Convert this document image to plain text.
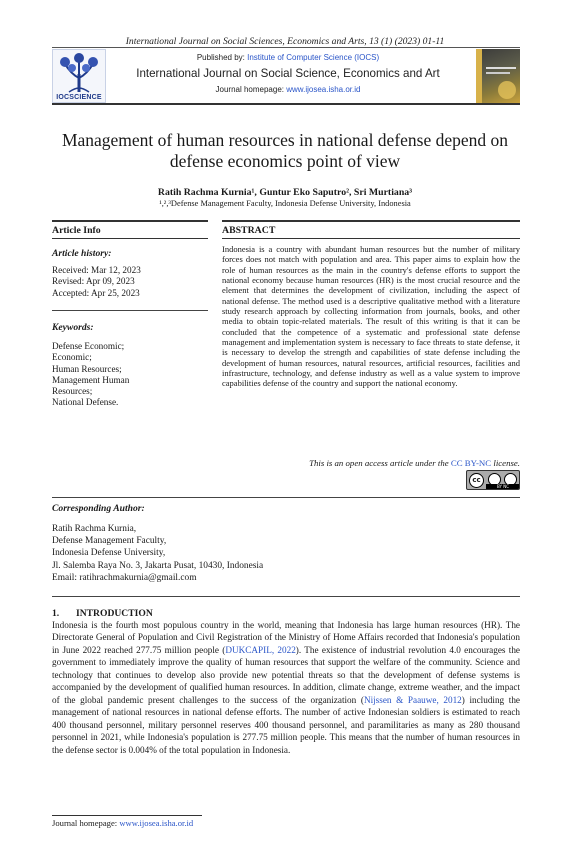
International Journal on Social Sciences, Economics and Arts, 13 (1) (2023) 01-11
IOCSCIENCE
Published by: Institute of Computer Science (IOCS)
International Journal on Social Science, Economics and Art
Journal homepage: www.ijosea.isha.or.id
Management of human resources in national defense depend on defense economics point of view
Ratih Rachma Kurnia¹, Guntur Eko Saputro², Sri Murtiana³
¹,²,³Defense Management Faculty, Indonesia Defense University, Indonesia
Article Info
Article history:
Received: Mar 12, 2023
Revised: Apr 09, 2023
Accepted: Apr 25, 2023
Keywords:
Defense Economic;
Economic;
Human Resources;
Management Human
Resources;
National Defense.
ABSTRACT
Indonesia is a country with abundant human resources but the number of military forces does not match with population and area. This paper aims to explain how the role of human resources as the main in the country's defense efforts to support the national economy because human resources (HR) is the most crucial resource and the element that determines the development of civilization, including the aspect of national defense. The method used is a descriptive qualitative method with a literature study research approach by collecting information from journals, books, and other media to obtain topic-related materials. The result of this writing is that it can be concluded that the competence of a systematic and professional state defense management and implementation system is necessary to face threats to state defense, it is necessary to develop the strength and capabilities of state defense including the development of human resources, natural resources, artificial resources, facilities and infrastructure, technology, and defense industry as well as a value system to improve capabilities defense of the country and support the national economy.
This is an open access article under the CC BY-NC license.
cc
BY NC
Corresponding Author:
Ratih Rachma Kurnia,
Defense Management Faculty,
Indonesia Defense University,
Jl. Salemba Raya No. 3, Jakarta Pusat, 10430, Indonesia
Email: ratihrachmakurnia@gmail.com
1. INTRODUCTION
Indonesia is the fourth most populous country in the world, meaning that Indonesia has large human resources (HR). The Directorate General of Population and Civil Registration of the Ministry of Home Affairs recorded that Indonesia's population in June 2022 reached 277.75 million people (DUKCAPIL, 2022). The existence of industrial revolution 4.0 encourages the government to immediately improve the quality of human resources that support the welfare of the community. Science and technology that continues to develop also provide new potential threats so that the development of defense systems is accompanied by the development of qualified human resources. In addition, climate change, extreme weather, and the impact of the global pandemic present challenges to the success of the organization (Nijssen & Paauwe, 2012) including the management of national resources in national defense efforts. The number of active Indonesian soldiers is estimated to reach 400 thousand personnel, military personnel reserves 400 thousand personnel, and paramilitaries as many as 280 thousand personnel in 2021, while Indonesia's population is 277.75 million people. This means that the number of human resources in the defense sector is 0.004% of the total population in Indonesia.
Journal homepage: www.ijosea.isha.or.id
